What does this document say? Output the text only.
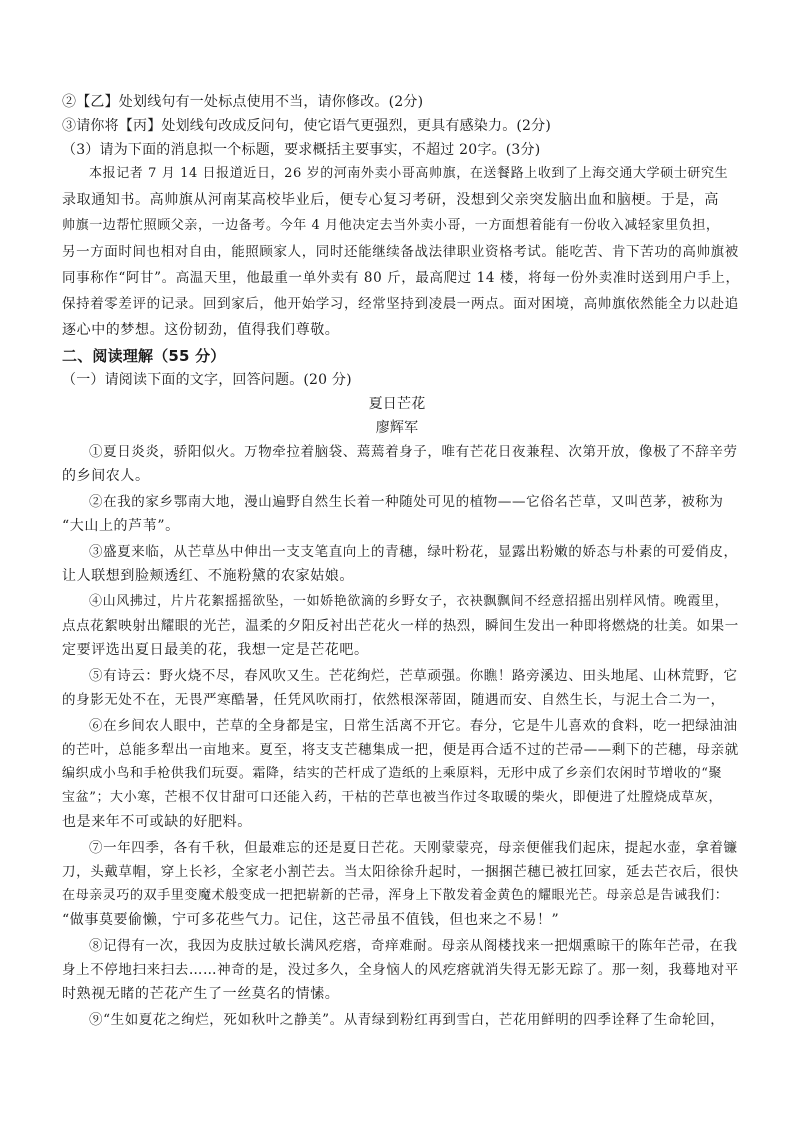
②【乙】处划线句有一处标点使用不当，请你修改。(2分)
③请你将【丙】处划线句改成反问句，使它语气更强烈，更具有感染力。(2分)
（3）请为下面的消息拟一个标题，要求概括主要事实，不超过 20字。(3分)
本报记者 7 月 14 日报道近日，26 岁的河南外卖小哥高帅旗，在送餐路上收到了上海交通大学硕士研究生
录取通知书。高帅旗从河南某高校毕业后，便专心复习考研，没想到父亲突发脑出血和脑梗。于是，高
帅旗一边帮忙照顾父亲，一边备考。今年 4 月他决定去当外卖小哥，一方面想着能有一份收入减轻家里负担，
另一方面时间也相对自由，能照顾家人，同时还能继续备战法律职业资格考试。能吃苦、肯下苦功的高帅旗被
同事称作“阿甘”。高温天里，他最重一单外卖有 80 斤，最高爬过 14 楼，将每一份外卖准时送到用户手上，
保持着零差评的记录。回到家后，他开始学习，经常坚持到凌晨一两点。面对困境，高帅旗依然能全力以赴追
逐心中的梦想。这份韧劲，值得我们尊敬。
二、阅读理解（55 分）
（一）请阅读下面的文字，回答问题。(20 分)
夏日芒花
廖辉军
①夏日炎炎，骄阳似火。万物牵拉着脑袋、蔫蔫着身子，唯有芒花日夜兼程、次第开放，像极了不辞辛劳
的乡间农人。
②在我的家乡鄂南大地，漫山遍野自然生长着一种随处可见的植物——它俗名芒草，又叫芭茅，被称为
“大山上的芦苇”。
③盛夏来临，从芒草丛中伸出一支支笔直向上的青穗，绿叶粉花，显露出粉嫩的娇态与朴素的可爱俏皮，
让人联想到脸颊透红、不施粉黛的农家姑娘。
④山风拂过，片片花絮摇摇欲坠，一如娇艳欲滴的乡野女子，衣袂飘飘间不经意招摇出别样风情。晚霞里，
点点花絮映射出耀眼的光芒，温柔的夕阳反衬出芒花火一样的热烈，瞬间生发出一种即将燃烧的壮美。如果一
定要评选出夏日最美的花，我想一定是芒花吧。
⑤有诗云：野火烧不尽，春风吹又生。芒花绚烂，芒草顽强。你瞧！路旁溪边、田头地尾、山林荒野，它
的身影无处不在，无畏严寒酷暑，任凭风吹雨打，依然根深蒂固，随遇而安、自然生长，与泥土合二为一，
⑥在乡间农人眼中，芒草的全身都是宝，日常生活离不开它。春分，它是牛儿喜欢的食料，吃一把绿油油
的芒叶，总能多犁出一亩地来。夏至，将支支芒穗集成一把，便是再合适不过的芒帚——剩下的芒穗，母亲就
编织成小鸟和手枪供我们玩耍。霜降，结实的芒杆成了造纸的上乘原料，无形中成了乡亲们农闲时节增收的“聚
宝盆”；大小寒，芒根不仅甘甜可口还能入药，干枯的芒草也被当作过冬取暖的柴火，即便进了灶膛烧成草灰，
也是来年不可或缺的好肥料。
⑦一年四季，各有千秋，但最难忘的还是夏日芒花。天刚蒙蒙亮，母亲便催我们起床，提起水壶，拿着镰
刀，头戴草帽，穿上长衫，全家老小割芒去。当太阳徐徐升起时，一捆捆芒穗已被扛回家，延去芒衣后，很快
在母亲灵巧的双手里变魔术般变成一把把崭新的芒帚，浑身上下散发着金黄色的耀眼光芒。母亲总是告诫我们：
“做事莫要偷懒，宁可多花些气力。记住，这芒帚虽不值钱，但也来之不易！”
⑧记得有一次，我因为皮肤过敏长满风疙瘩，奇痒难耐。母亲从阁楼找来一把烟熏晾干的陈年芒帚，在我
身上不停地扫来扫去……神奇的是，没过多久，全身恼人的风疙瘩就消失得无影无踪了。那一刻，我蓦地对平
时熟视无睹的芒花产生了一丝莫名的情愫。
⑨“生如夏花之绚烂，死如秋叶之静美”。从青绿到粉红再到雪白，芒花用鲜明的四季诠释了生命轮回，
